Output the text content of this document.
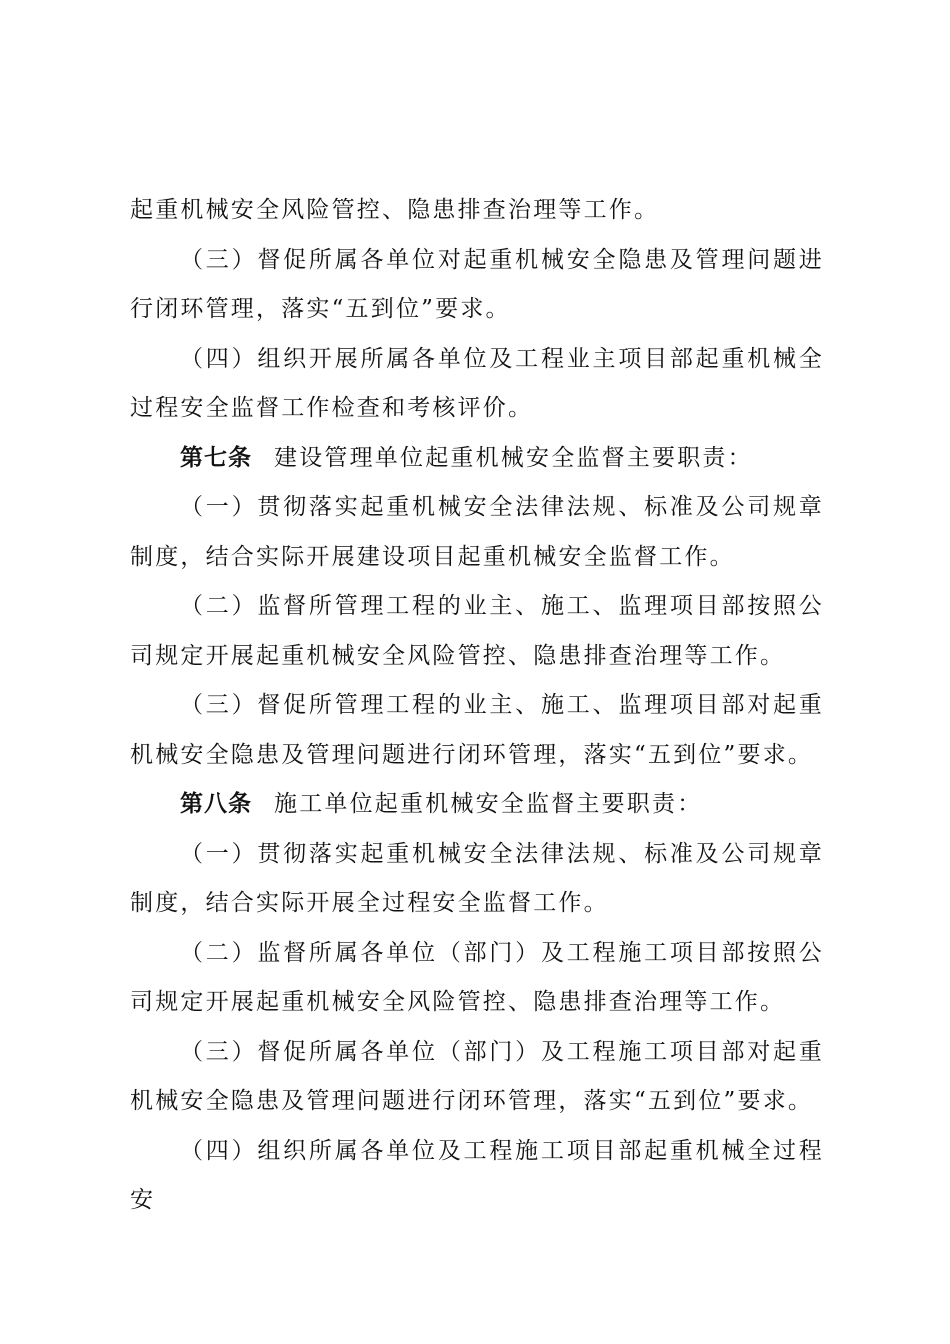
起重机械安全风险管控、隐患排查治理等工作。

（三）督促所属各单位对起重机械安全隐患及管理问题进行闭环管理，落实“五到位”要求。

（四）组织开展所属各单位及工程业主项目部起重机械全过程安全监督工作检查和考核评价。

第七条 建设管理单位起重机械安全监督主要职责：

（一）贯彻落实起重机械安全法律法规、标准及公司规章制度，结合实际开展建设项目起重机械安全监督工作。

（二）监督所管理工程的业主、施工、监理项目部按照公司规定开展起重机械安全风险管控、隐患排查治理等工作。

（三）督促所管理工程的业主、施工、监理项目部对起重机械安全隐患及管理问题进行闭环管理，落实“五到位”要求。

第八条 施工单位起重机械安全监督主要职责：

（一）贯彻落实起重机械安全法律法规、标准及公司规章制度，结合实际开展全过程安全监督工作。

（二）监督所属各单位（部门）及工程施工项目部按照公司规定开展起重机械安全风险管控、隐患排查治理等工作。

（三）督促所属各单位（部门）及工程施工项目部对起重机械安全隐患及管理问题进行闭环管理，落实“五到位”要求。

（四）组织所属各单位及工程施工项目部起重机械全过程安
